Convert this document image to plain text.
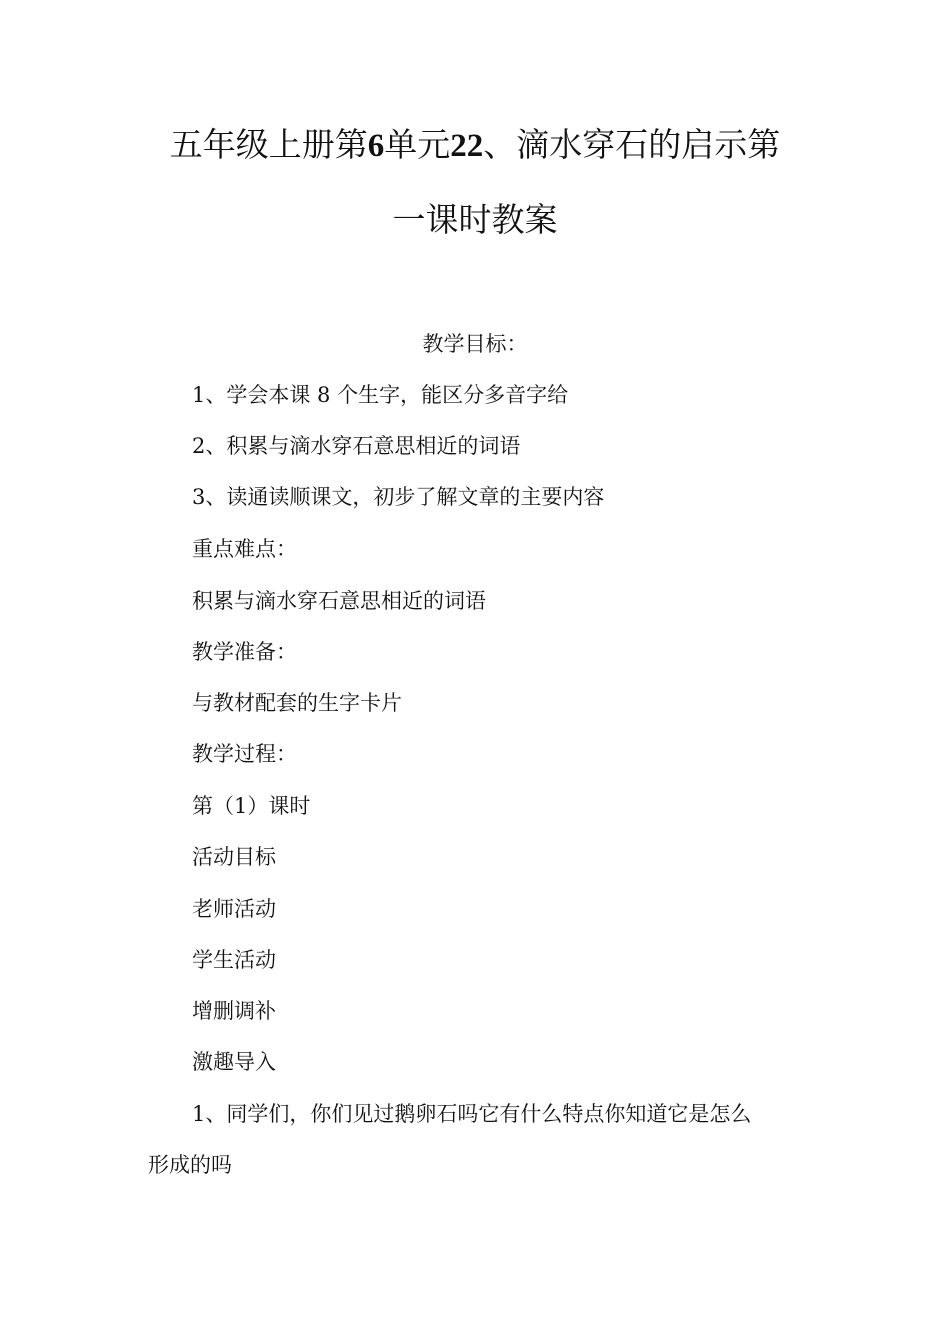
五年级上册第6单元22、滴水穿石的启示第
一课时教案
教学目标：
1、学会本课 8 个生字，能区分多音字给
2、积累与滴水穿石意思相近的词语
3、读通读顺课文，初步了解文章的主要内容
重点难点：
积累与滴水穿石意思相近的词语
教学准备：
与教材配套的生字卡片
教学过程：
第（1）课时
活动目标
老师活动
学生活动
增删调补
激趣导入
1、同学们，你们见过鹅卵石吗它有什么特点你知道它是怎么
形成的吗
